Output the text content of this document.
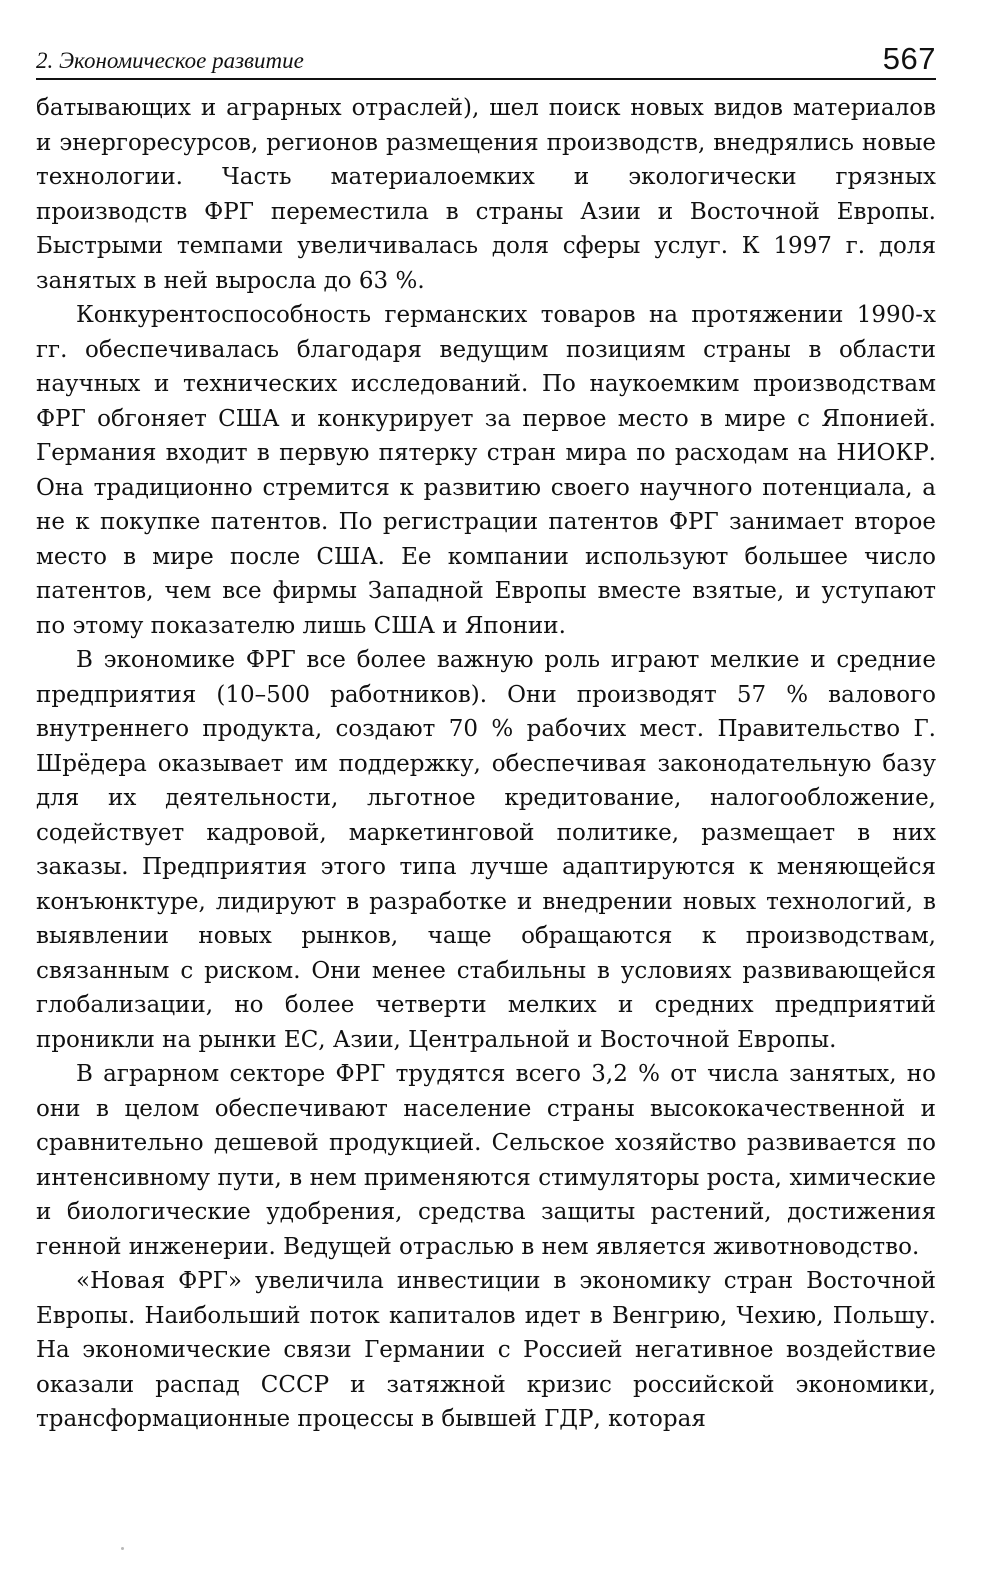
2. Экономическое развитие	567

батывающих и аграрных отраслей), шел поиск новых видов материалов и энергоресурсов, регионов размещения производств, внедрялись новые технологии. Часть материалоемких и экологически грязных производств ФРГ переместила в страны Азии и Восточной Европы. Быстрыми темпами увеличивалась доля сферы услуг. К 1997 г. доля занятых в ней выросла до 63 %.

Конкурентоспособность германских товаров на протяжении 1990-х гг. обеспечивалась благодаря ведущим позициям страны в области научных и технических исследований. По наукоемким производствам ФРГ обгоняет США и конкурирует за первое место в мире с Японией. Германия входит в первую пятерку стран мира по расходам на НИОКР. Она традиционно стремится к развитию своего научного потенциала, а не к покупке патентов. По регистрации патентов ФРГ занимает второе место в мире после США. Ее компании используют большее число патентов, чем все фирмы Западной Европы вместе взятые, и уступают по этому показателю лишь США и Японии.

В экономике ФРГ все более важную роль играют мелкие и средние предприятия (10–500 работников). Они производят 57 % валового внутреннего продукта, создают 70 % рабочих мест. Правительство Г. Шрёдера оказывает им поддержку, обеспечивая законодательную базу для их деятельности, льготное кредитование, налогообложение, содействует кадровой, маркетинговой политике, размещает в них заказы. Предприятия этого типа лучше адаптируются к меняющейся конъюнктуре, лидируют в разработке и внедрении новых технологий, в выявлении новых рынков, чаще обращаются к производствам, связанным с риском. Они менее стабильны в условиях развивающейся глобализации, но более четверти мелких и средних предприятий проникли на рынки ЕС, Азии, Центральной и Восточной Европы.

В аграрном секторе ФРГ трудятся всего 3,2 % от числа занятых, но они в целом обеспечивают население страны высококачественной и сравнительно дешевой продукцией. Сельское хозяйство развивается по интенсивному пути, в нем применяются стимуляторы роста, химические и биологические удобрения, средства защиты растений, достижения генной инженерии. Ведущей отраслью в нем является животноводство.

«Новая ФРГ» увеличила инвестиции в экономику стран Восточной Европы. Наибольший поток капиталов идет в Венгрию, Чехию, Польшу. На экономические связи Германии с Россией негативное воздействие оказали распад СССР и затяжной кризис российской экономики, трансформационные процессы в бывшей ГДР, которая
